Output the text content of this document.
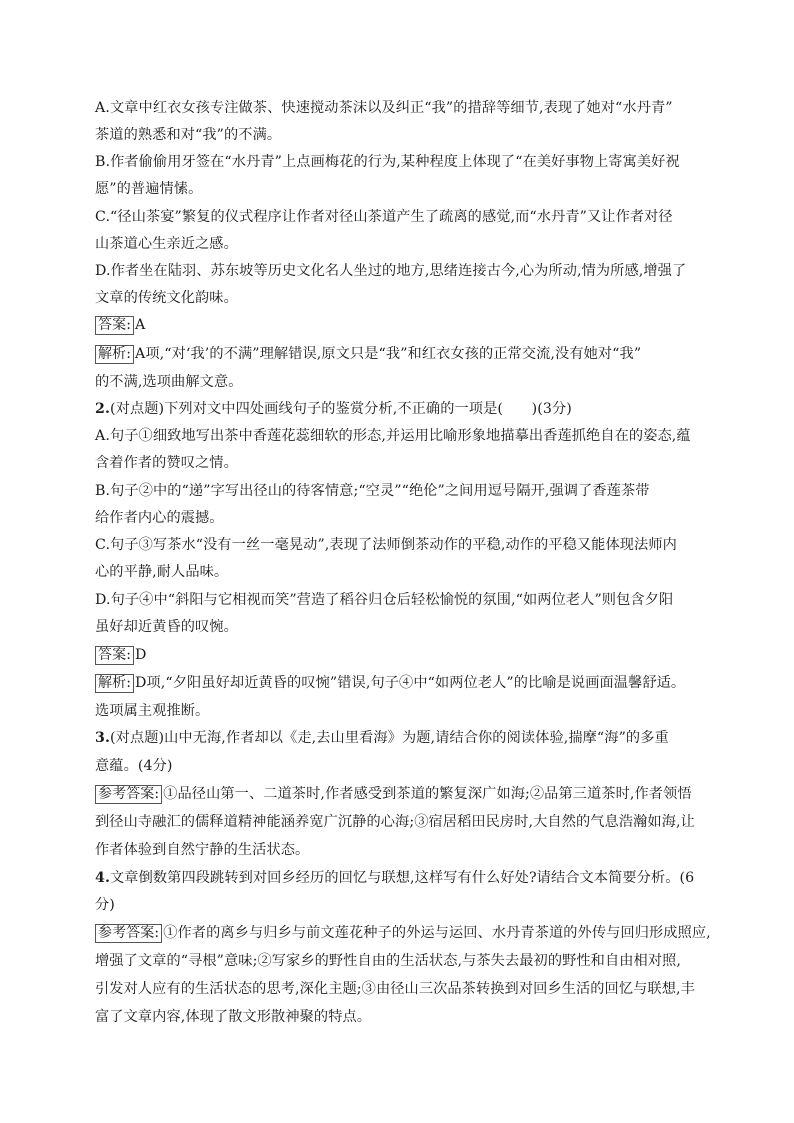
A.文章中红衣女孩专注做茶、快速搅动茶沫以及纠正“我”的措辞等细节,表现了她对“水丹青”
茶道的熟悉和对“我”的不满。
B.作者偷偷用牙签在“水丹青”上点画梅花的行为,某种程度上体现了“在美好事物上寄寓美好祝
愿”的普遍情愫。
C.“径山茶宴”繁复的仪式程序让作者对径山茶道产生了疏离的感觉,而“水丹青”又让作者对径
山茶道心生亲近之感。
D.作者坐在陆羽、苏东坡等历史文化名人坐过的地方,思绪连接古今,心为所动,情为所感,增强了
文章的传统文化韵味。
答案: A
解析: A项,“对‘我’的不满”理解错误,原文只是“我”和红衣女孩的正常交流,没有她对“我”
的不满,选项曲解文意。
2.(对点题)下列对文中四处画线句子的鉴赏分析,不正确的一项是(　　)(3分)
A.句子①细致地写出茶中香莲花蕊细软的形态,并运用比喻形象地描摹出香莲抓绝自在的姿态,蕴
含着作者的赞叹之情。
B.句子②中的“递”字写出径山的待客情意;“空灵”“绝伦”之间用逗号隔开,强调了香莲茶带
给作者内心的震撼。
C.句子③写茶水“没有一丝一毫晃动”,表现了法师倒茶动作的平稳,动作的平稳又能体现法师内
心的平静,耐人品味。
D.句子④中“斜阳与它相视而笑”营造了稻谷归仓后轻松愉悦的氛围,“如两位老人”则包含夕阳
虽好却近黄昏的叹惋。
答案: D
解析: D项,“夕阳虽好却近黄昏的叹惋”错误,句子④中“如两位老人”的比喻是说画面温馨舒适。
选项属主观推断。
3.(对点题)山中无海,作者却以《走,去山里看海》为题,请结合你的阅读体验,揣摩“海”的多重
意蕴。(4分)
参考答案: ①品径山第一、二道茶时,作者感受到茶道的繁复深广如海;②品第三道茶时,作者领悟
到径山寺融汇的儒释道精神能涵养宽广沉静的心海;③宿居稻田民房时,大自然的气息浩瀚如海,让
作者体验到自然宁静的生活状态。
4.文章倒数第四段跳转到对回乡经历的回忆与联想,这样写有什么好处?请结合文本简要分析。(6
分)
参考答案: ①作者的离乡与归乡与前文莲花种子的外运与运回、水丹青茶道的外传与回归形成照应,
增强了文章的“寻根”意味;②写家乡的野性自由的生活状态,与茶失去最初的野性和自由相对照,
引发对人应有的生活状态的思考,深化主题;③由径山三次品茶转换到对回乡生活的回忆与联想,丰
富了文章内容,体现了散文形散神聚的特点。
